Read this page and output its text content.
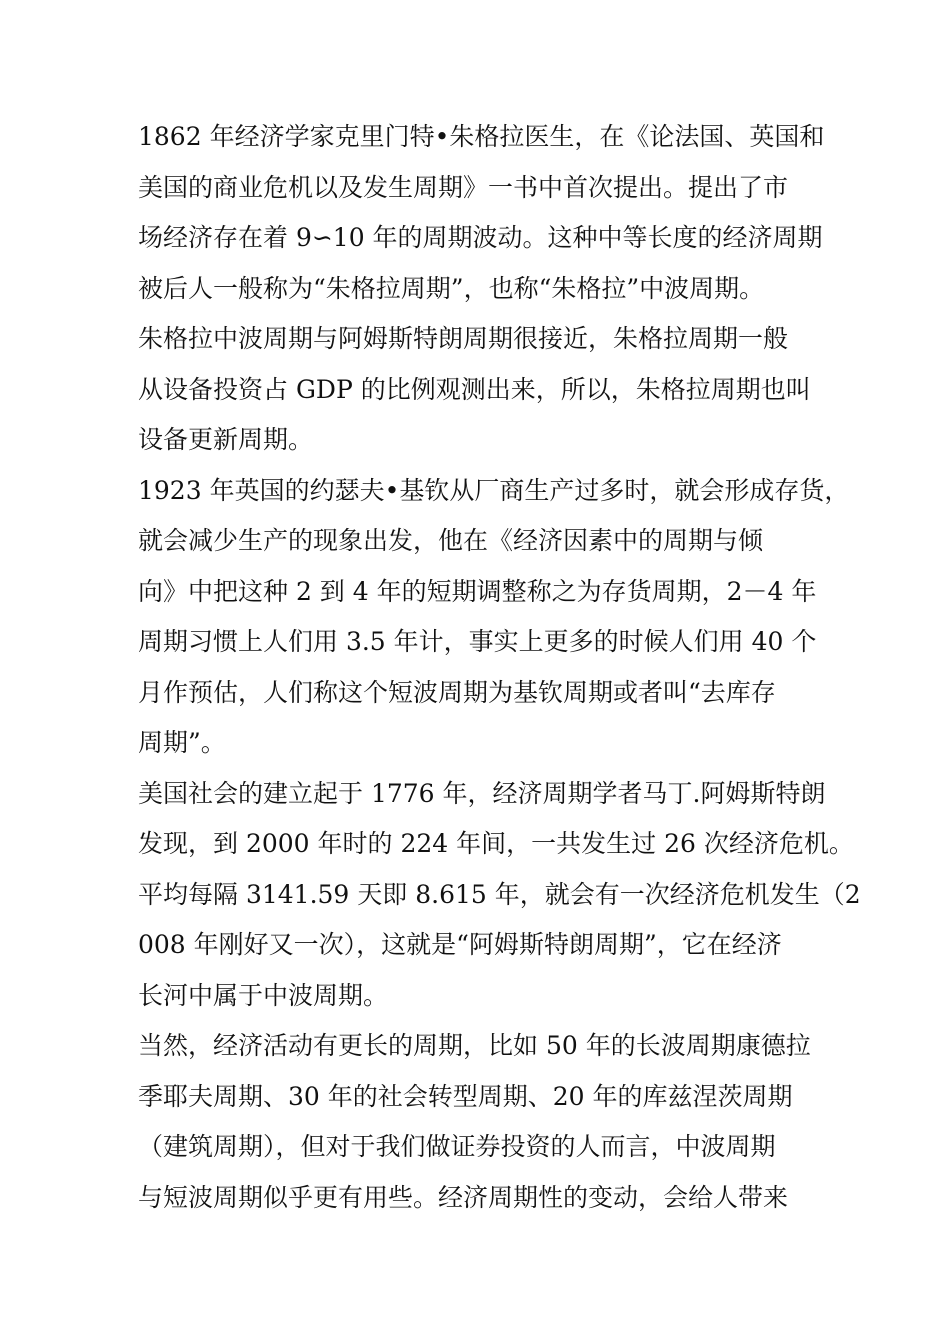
1862 年经济学家克里门特•朱格拉医生，在《论法国、英国和
美国的商业危机以及发生周期》一书中首次提出。提出了市
场经济存在着 9∽10 年的周期波动。这种中等长度的经济周期
被后人一般称为“朱格拉周期”，也称“朱格拉”中波周期。
朱格拉中波周期与阿姆斯特朗周期很接近，朱格拉周期一般
从设备投资占 GDP 的比例观测出来，所以，朱格拉周期也叫
设备更新周期。
1923 年英国的约瑟夫•基钦从厂商生产过多时，就会形成存货，
就会减少生产的现象出发，他在《经济因素中的周期与倾
向》中把这种 2 到 4 年的短期调整称之为存货周期，2－4 年
周期习惯上人们用 3.5 年计，事实上更多的时候人们用 40 个
月作预估，人们称这个短波周期为基钦周期或者叫“去库存
周期”。
美国社会的建立起于 1776 年，经济周期学者马丁.阿姆斯特朗
发现，到 2000 年时的 224 年间，一共发生过 26 次经济危机。
平均每隔 3141.59 天即 8.615 年，就会有一次经济危机发生（2
008 年刚好又一次），这就是“阿姆斯特朗周期”，它在经济
长河中属于中波周期。
当然，经济活动有更长的周期，比如 50 年的长波周期康德拉
季耶夫周期、30 年的社会转型周期、20 年的库兹涅茨周期
（建筑周期），但对于我们做证券投资的人而言，中波周期
与短波周期似乎更有用些。经济周期性的变动，会给人带来
